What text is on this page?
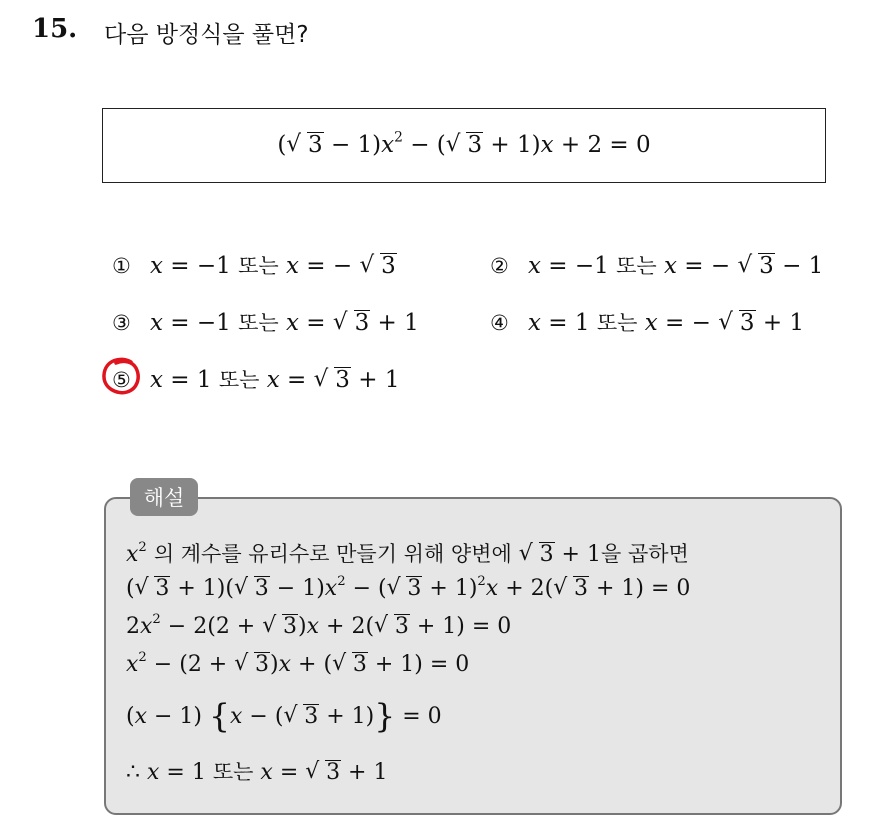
15. 다음 방정식을 풀면?
( √ $3 - 1)x^2$ − ( √ 3 + 1)x + 2 = 0
① x = −1 또는 x = − √ 3	② x = −1 또는 x = − √ 3 − 1
③ x = −1 또는 x = √ 3 + 1	④ x = 1 또는 x = − √ 3 + 1
⑤ x = 1 또는 x = √ 3 + 1
해설
$x^2$ 의 계수를 유리수로 만들기 위해 양변에 √ 3 + 1을 곱하면
( √ 3 + 1)( √ $3 - 1)x^2$ − ( √ 3 + 1)$^2$x + 2( √ 3 + 1) = 0
$2x^2 - 2(2$ + √ 3)x + 2( √ 3 + 1) = 0
$x^2 - (2$ + √ 3)x + ( √ 3 + 1) = 0
(x − 1) {x − ( √ 3 + 1)} = 0
∴ x = 1 또는 x = √ 3 + 1
